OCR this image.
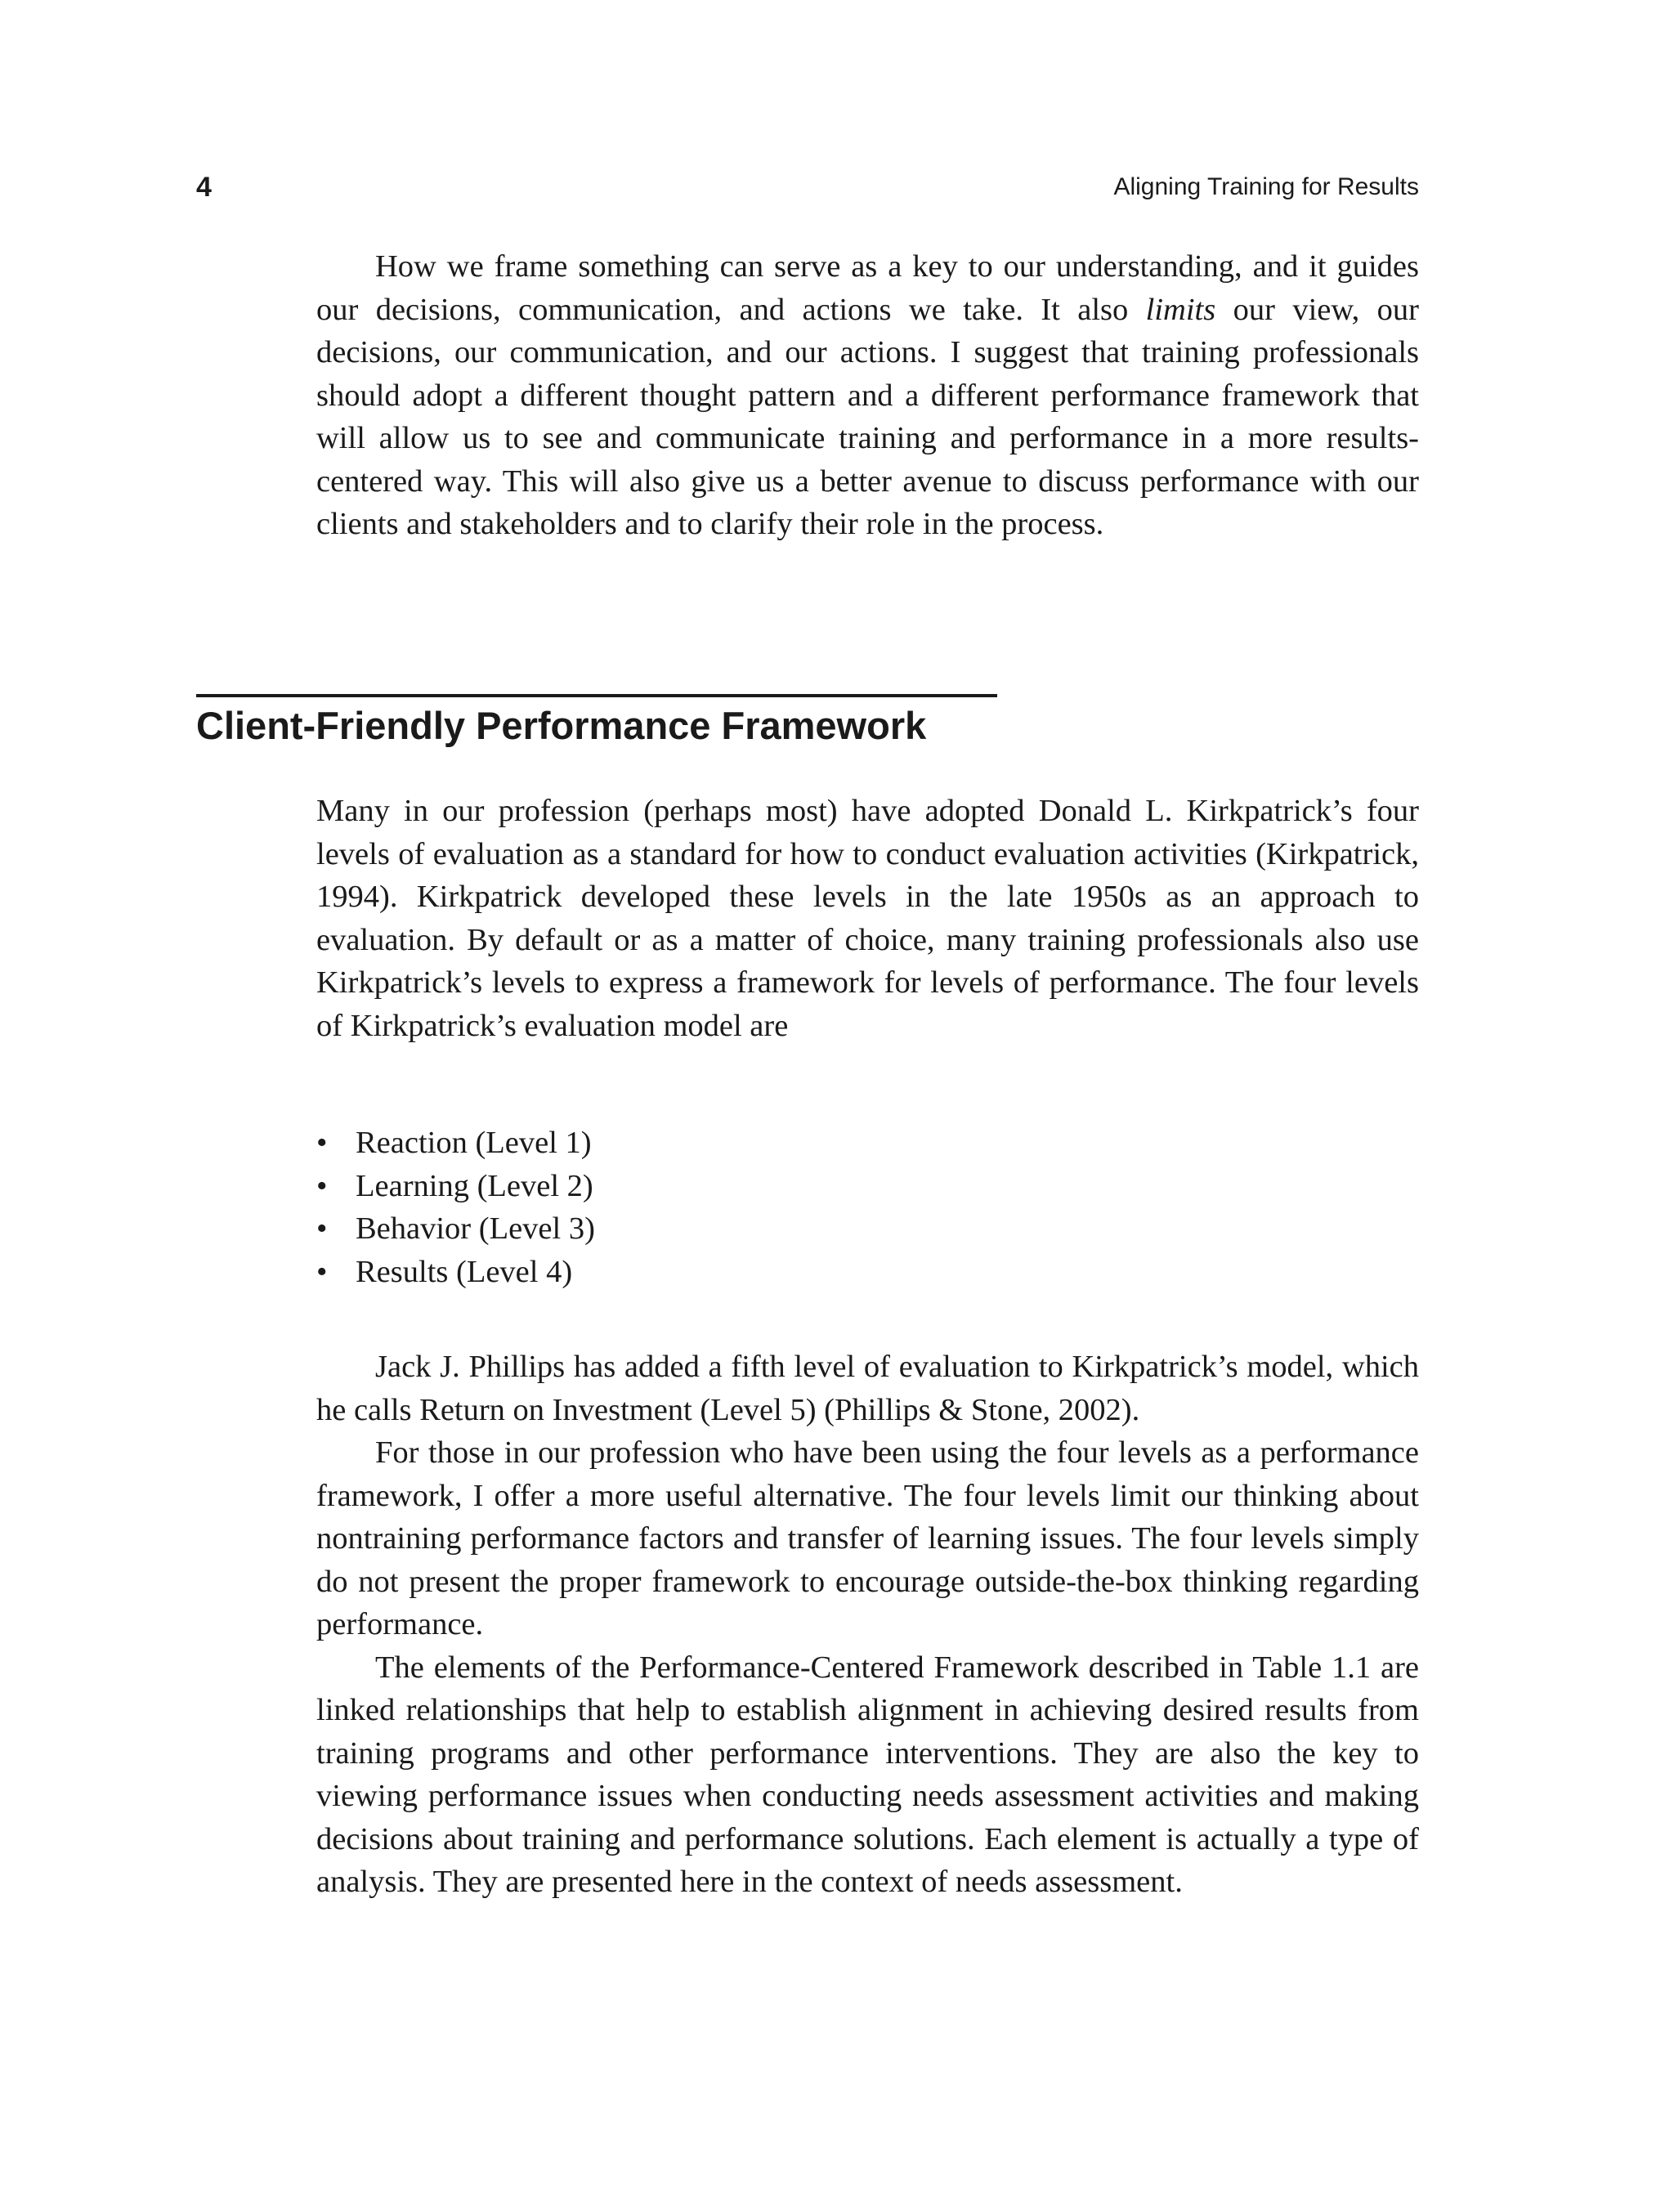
4	Aligning Training for Results

How we frame something can serve as a key to our understanding, and it guides our decisions, communication, and actions we take. It also limits our view, our decisions, our communication, and our actions. I suggest that training professionals should adopt a different thought pattern and a different performance framework that will allow us to see and communicate training and performance in a more results-centered way. This will also give us a better avenue to discuss performance with our clients and stakeholders and to clarify their role in the process.

Client-Friendly Performance Framework

Many in our profession (perhaps most) have adopted Donald L. Kirkpatrick’s four levels of evaluation as a standard for how to conduct evaluation activities (Kirkpatrick, 1994). Kirkpatrick developed these levels in the late 1950s as an approach to evaluation. By default or as a matter of choice, many training professionals also use Kirkpatrick’s levels to express a framework for levels of performance. The four levels of Kirkpatrick’s evaluation model are

• Reaction (Level 1)
• Learning (Level 2)
• Behavior (Level 3)
• Results (Level 4)

Jack J. Phillips has added a fifth level of evaluation to Kirkpatrick’s model, which he calls Return on Investment (Level 5) (Phillips & Stone, 2002).

For those in our profession who have been using the four levels as a performance framework, I offer a more useful alternative. The four levels limit our thinking about nontraining performance factors and transfer of learning issues. The four levels simply do not present the proper framework to encourage outside-the-box thinking regarding performance.

The elements of the Performance-Centered Framework described in Table 1.1 are linked relationships that help to establish alignment in achieving desired results from training programs and other performance interventions. They are also the key to viewing performance issues when conducting needs assessment activities and making decisions about training and performance solutions. Each element is actually a type of analysis. They are presented here in the context of needs assessment.
